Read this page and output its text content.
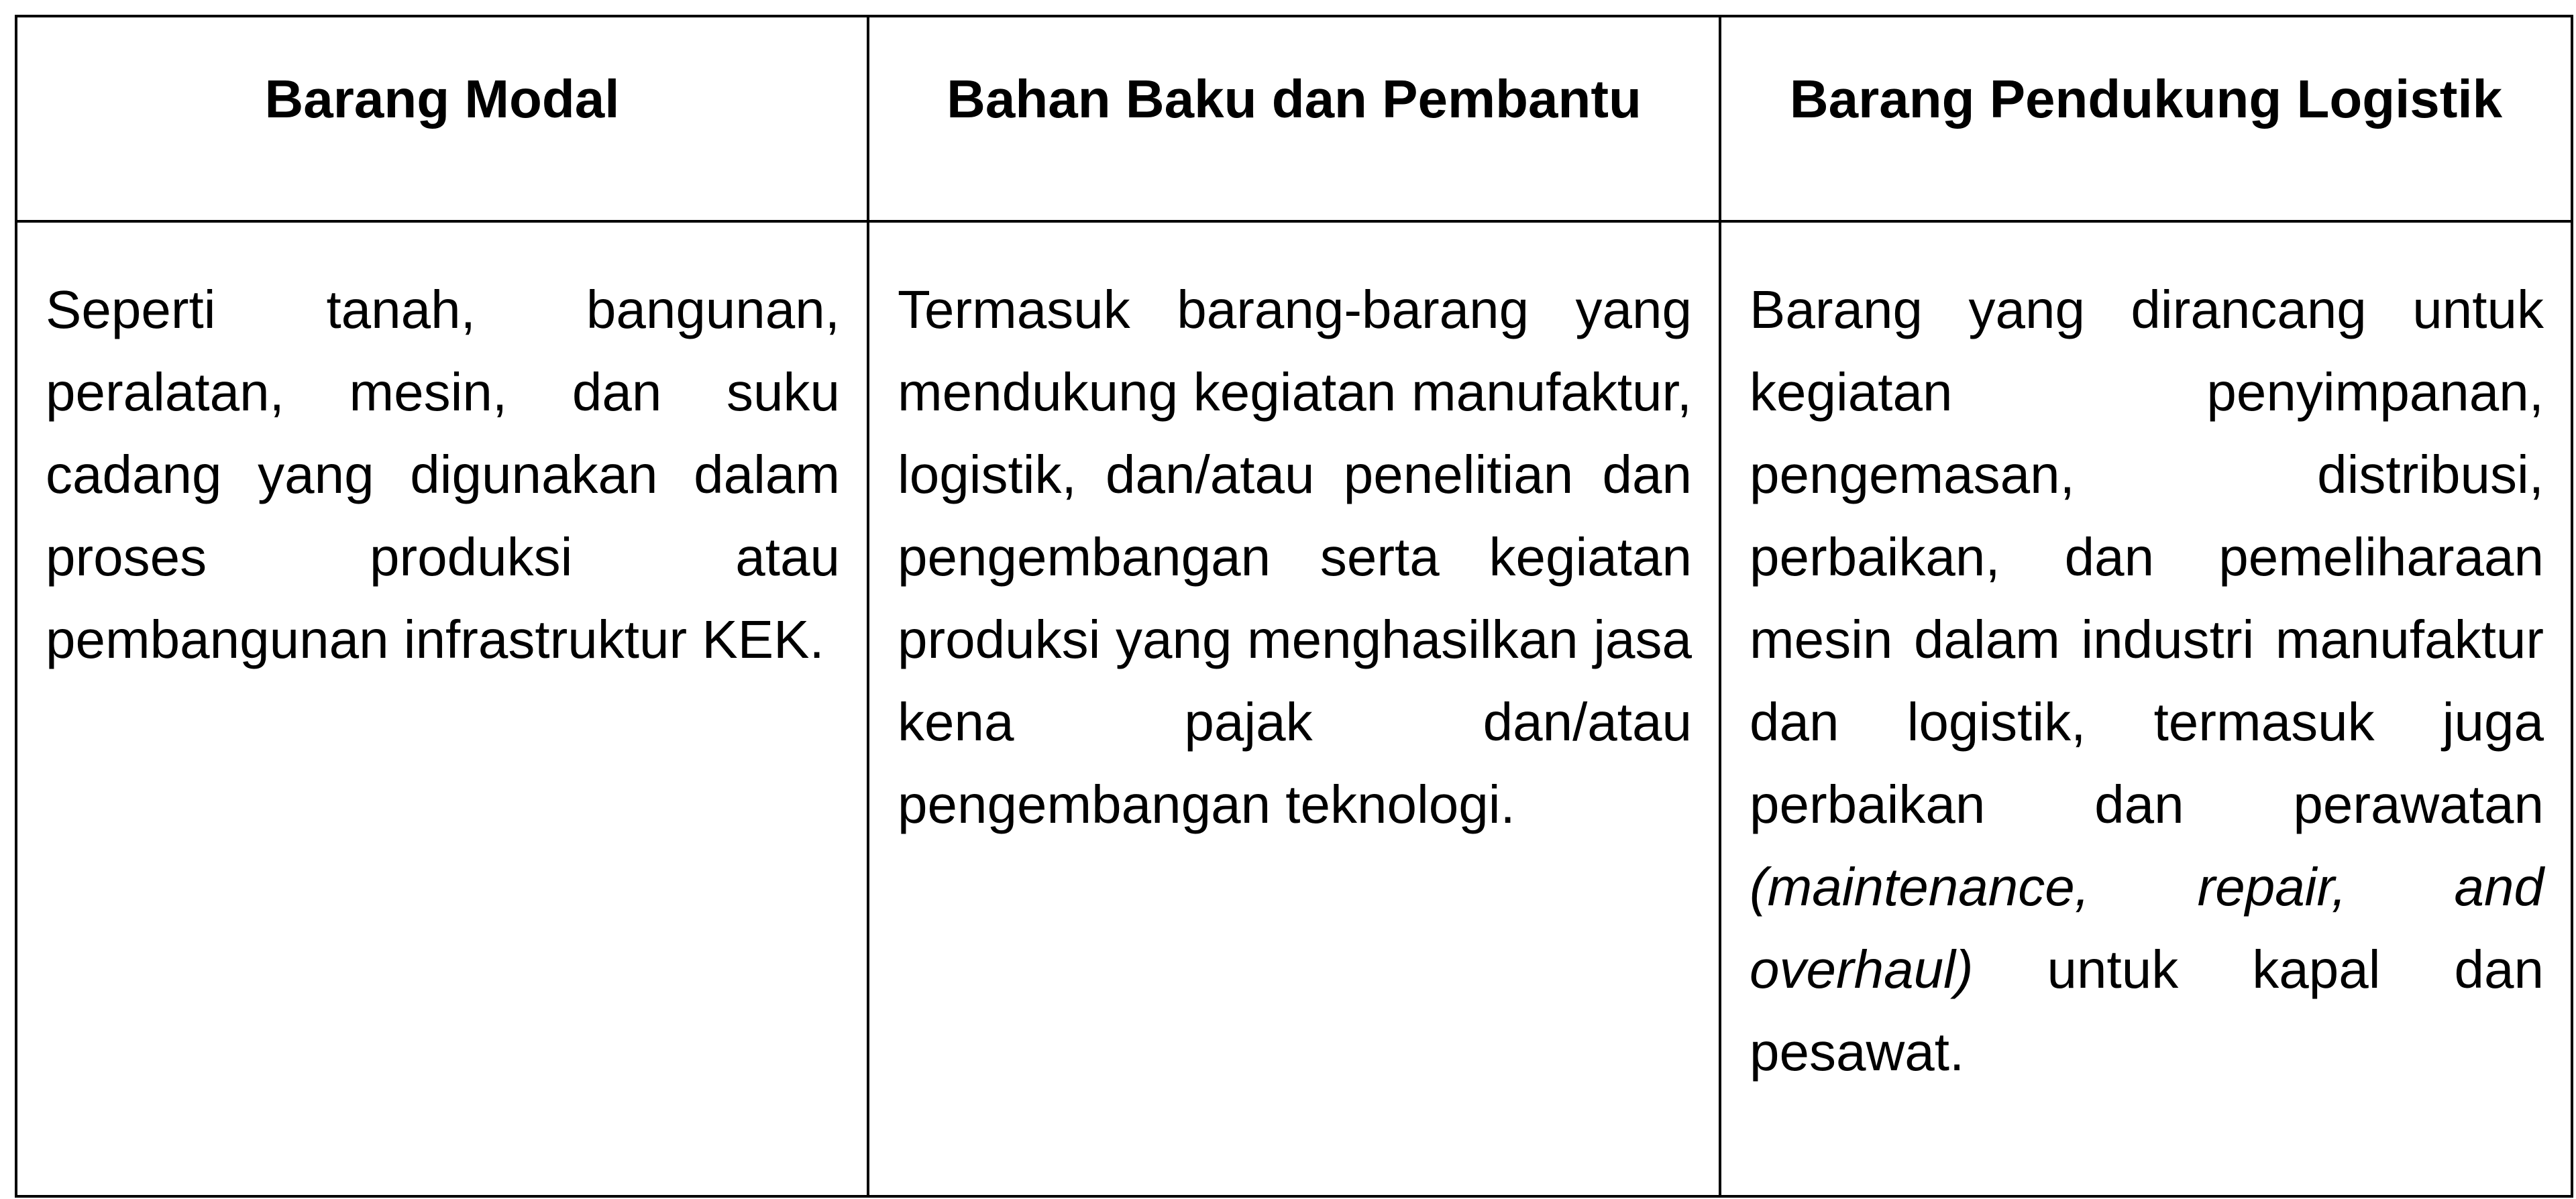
Barang Modal	Bahan Baku dan Pembantu	Barang Pendukung Logistik
Seperti tanah, bangunan, peralatan, mesin, dan suku cadang yang digunakan dalam proses produksi atau pembangunan infrastruktur KEK.	Termasuk barang-barang yang mendukung kegiatan manufaktur, logistik, dan/atau penelitian dan pengembangan serta kegiatan produksi yang menghasilkan jasa kena pajak dan/atau pengembangan teknologi.	Barang yang dirancang untuk kegiatan penyimpanan, pengemasan, distribusi, perbaikan, dan pemeliharaan mesin dalam industri manufaktur dan logistik, termasuk juga perbaikan dan perawatan (maintenance, repair, and overhaul) untuk kapal dan pesawat.
